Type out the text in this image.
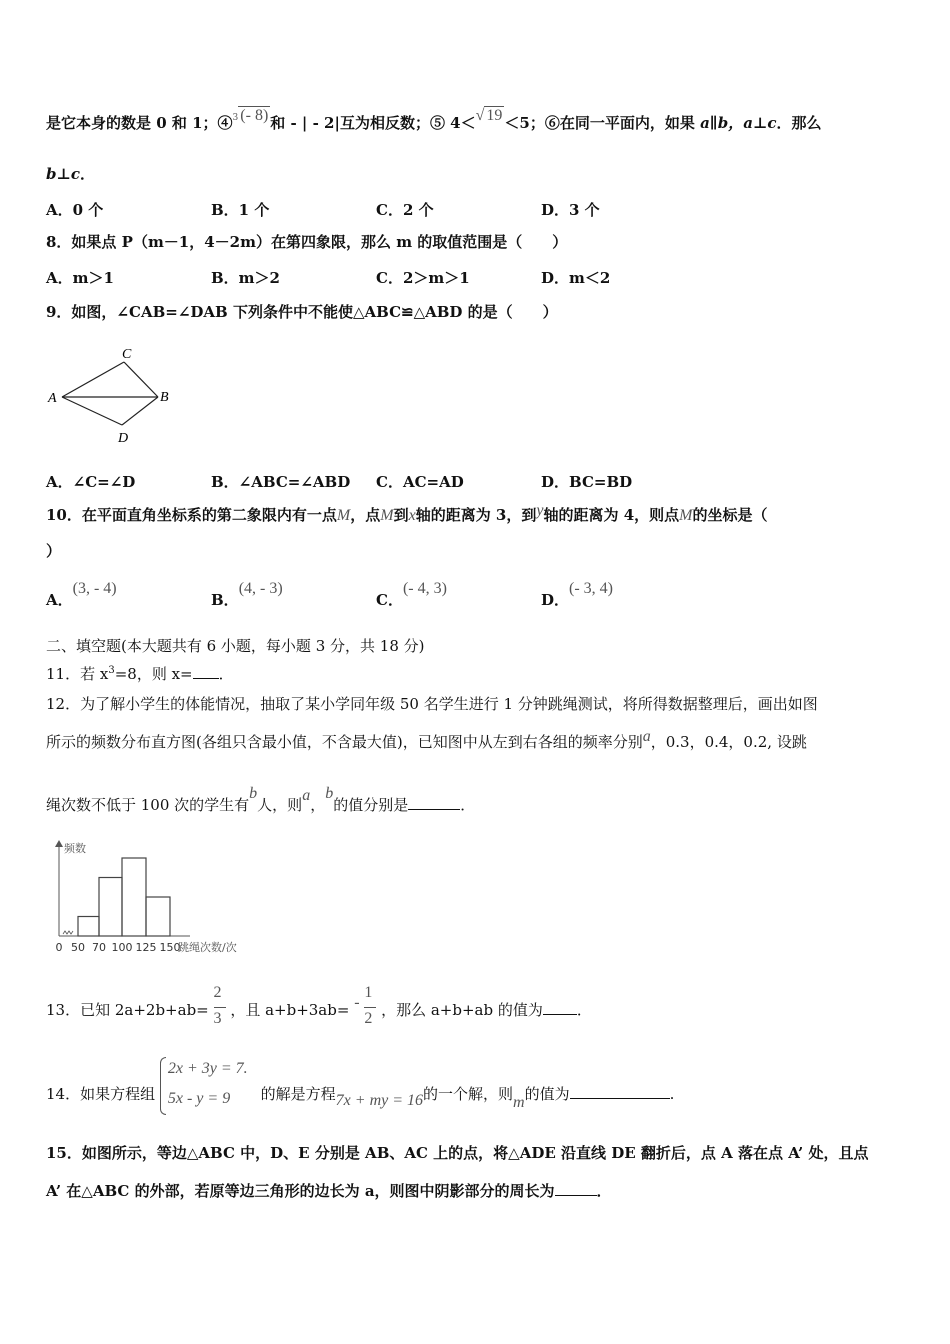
是它本身的数是 0 和 1；④3 (- 8) 和 - | - 2|互为相反数；⑤ 4＜√ 19 ＜5；⑥在同一平面内，如果 a∥b，a⊥c．那么
b⊥c．
A．0 个	B．1 个	C．2 个	D．3 个
8．如果点 P（m－1，4－2m）在第四象限，那么 m 的取值范围是（　　）
A．m＞1	B．m＞2	C．2＞m＞1	D．m＜2
9．如图，∠CAB=∠DAB 下列条件中不能使△ABC≌△ABD 的是（　　）
C
A	B
D
A．∠C=∠D	B．∠ABC=∠ABD C．AC=AD	D．BC=BD
10．在平面直角坐标系的第二象限内有一点M，点M到x轴的距离为 3，到y轴的距离为 4，则点M的坐标是（
）
A．(3, - 4)
B．(4, - 3)
C．(- 4, 3)
D．(- 3, 4)
二、填空题(本大题共有 6 小题，每小题 3 分，共 18 分)
11．若 $x^3=8$，则 x= ．
12．为了解小学生的体能情况，抽取了某小学同年级 50 名学生进行 1 分钟跳绳测试，将所得数据整理后，画出如图
所示的频数分布直方图(各组只含最小值，不含最大值)，已知图中从左到右各组的频率分别a，0.3，0.4，0.2, 设跳
绳次数不低于 100 次的学生有b人，则a，b的值分别是	．
频数
跳绳次数/次
0 50 70 100 125 150
13．已知 2a+2b+ab=
$\frac{2}{3}$
，且 a+b+3ab= -
$\frac{1}{2}$
，那么 a+b+ab 的值为 ．
14．如果方程组
2x + 3y = 7.
5x - y = 9 的解是方程7x + my = 16的一个解，则m的值为	.
15．如图所示，等边△ABC 中，D、E 分别是 AB、AC 上的点，将△ADE 沿直线 DE 翻折后，点 A 落在点 A’ 处，且点
A’ 在△ABC 的外部，若原等边三角形的边长为 a，则图中阴影部分的周长为	．
